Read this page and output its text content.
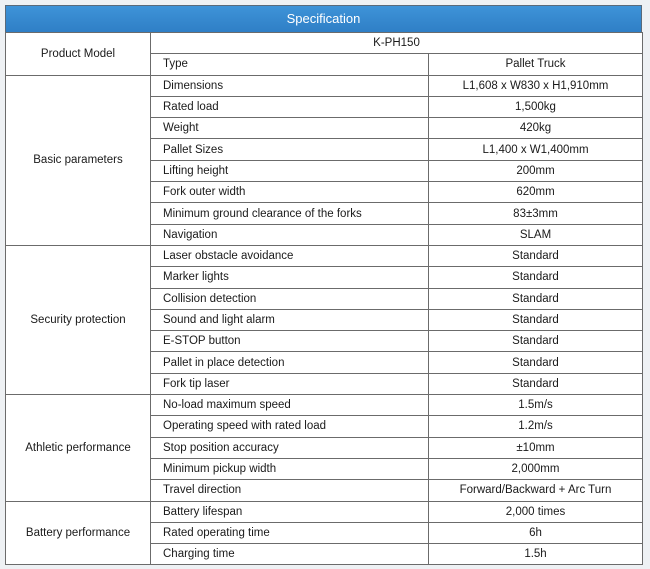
Specification
Product Model	K-PH150	
	Type	Pallet Truck
Basic parameters	Dimensions	L1,608 x W830 x H1,910mm
	Rated load	1,500kg
	Weight	420kg
	Pallet Sizes	L1,400 x W1,400mm
	Lifting height	200mm
	Fork outer width	620mm
	Minimum ground clearance of the forks	83±3mm
	Navigation	SLAM
Security protection	Laser obstacle avoidance	Standard
	Marker lights	Standard
	Collision detection	Standard
	Sound and light alarm	Standard
	E-STOP button	Standard
	Pallet in place detection	Standard
	Fork tip laser	Standard
Athletic performance	No-load maximum speed	1.5m/s
	Operating speed with rated load	1.2m/s
	Stop position accuracy	±10mm
	Minimum pickup width	2,000mm
	Travel direction	Forward/Backward + Arc Turn
Battery performance	Battery lifespan	2,000 times
	Rated operating time	6h
	Charging time	1.5h
